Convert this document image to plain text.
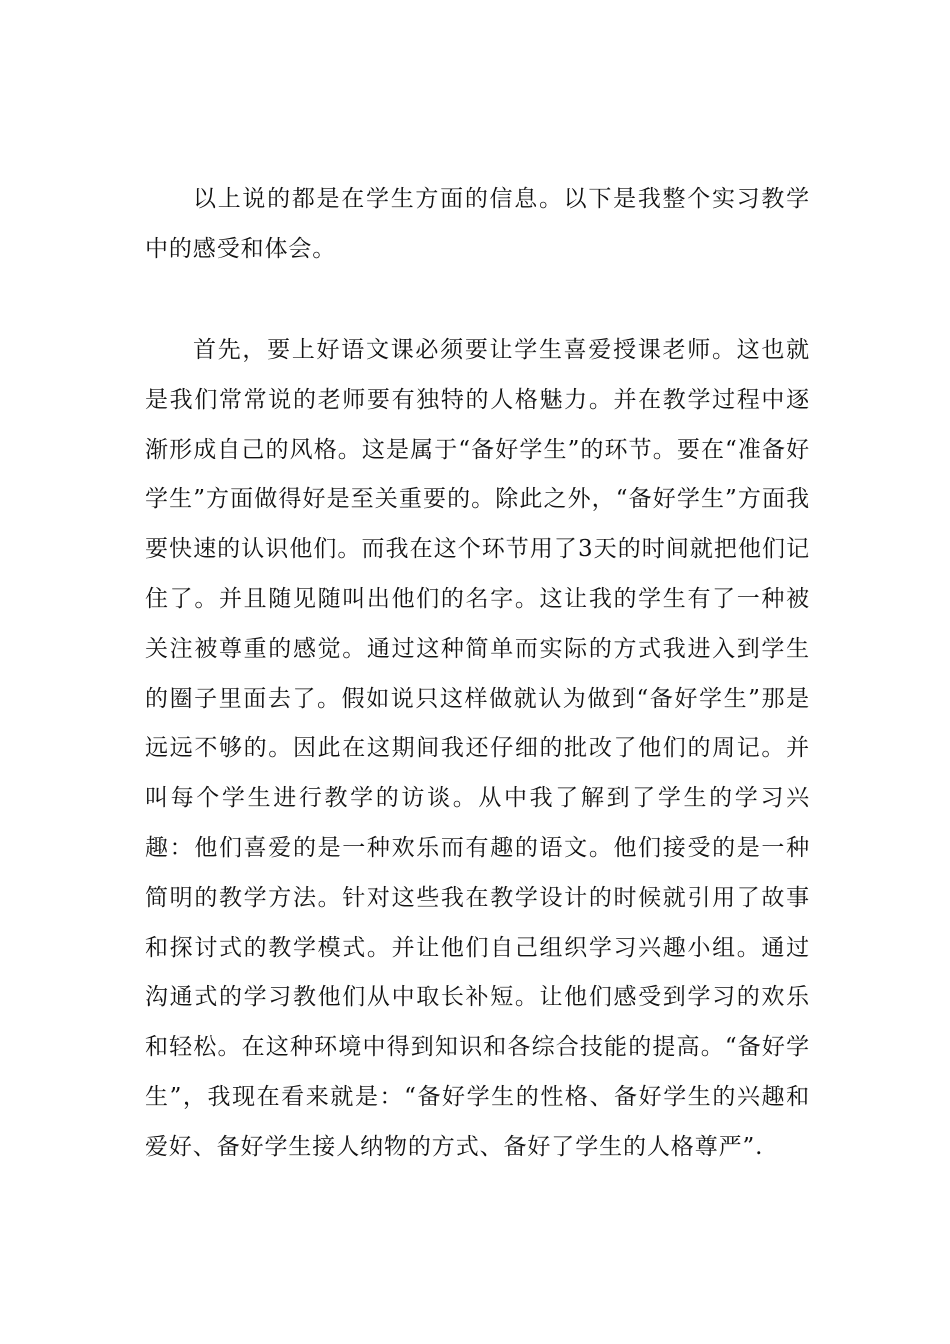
以上说的都是在学生方面的信息。以下是我整个实习教学中的感受和体会。

首先，要上好语文课必须要让学生喜爱授课老师。这也就是我们常常说的老师要有独特的人格魅力。并在教学过程中逐渐形成自己的风格。这是属于“备好学生”的环节。要在“准备好学生”方面做得好是至关重要的。除此之外，“备好学生”方面我要快速的认识他们。而我在这个环节用了3天的时间就把他们记住了。并且随见随叫出他们的名字。这让我的学生有了一种被关注被尊重的感觉。通过这种简单而实际的方式我进入到学生的圈子里面去了。假如说只这样做就认为做到“备好学生”那是远远不够的。因此在这期间我还仔细的批改了他们的周记。并叫每个学生进行教学的访谈。从中我了解到了学生的学习兴趣：他们喜爱的是一种欢乐而有趣的语文。他们接受的是一种简明的教学方法。针对这些我在教学设计的时候就引用了故事和探讨式的教学模式。并让他们自己组织学习兴趣小组。通过沟通式的学习教他们从中取长补短。让他们感受到学习的欢乐和轻松。在这种环境中得到知识和各综合技能的提高。“备好学生”，我现在看来就是：“备好学生的性格、备好学生的兴趣和爱好、备好学生接人纳物的方式、备好了学生的人格尊严”.
